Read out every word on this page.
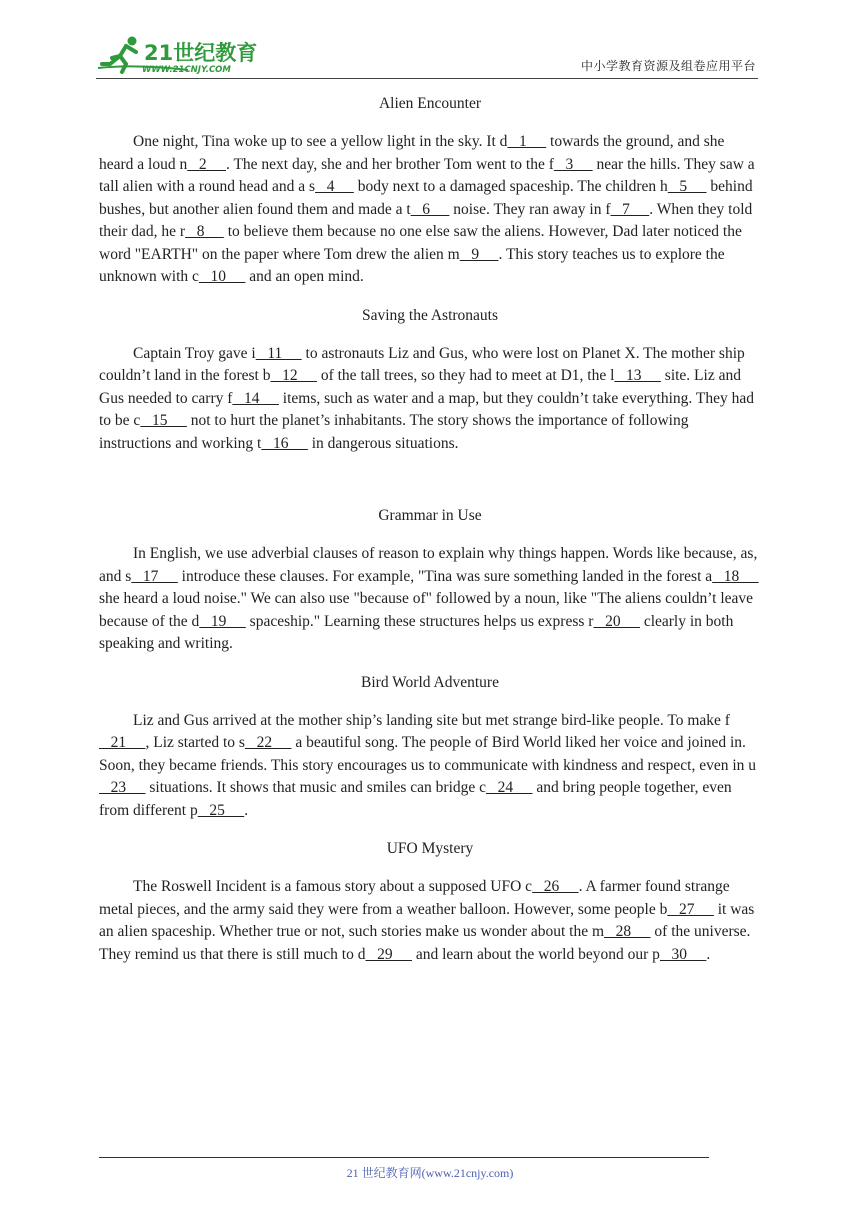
21世纪教育
WWW.21CNJY.COM	中小学教育资源及组卷应用平台
Alien Encounter

One night, Tina woke up to see a yellow light in the sky. It d   1      towards the ground, and she heard a loud n   2     . The next day, she and her brother Tom went to the f   3      near the hills. They saw a tall alien with a round head and a s   4      body next to a damaged spaceship. The children h   5      behind bushes, but another alien found them and made a t   6      noise. They ran away in f   7     . When they told their dad, he r   8      to believe them because no one else saw the aliens. However, Dad later noticed the word "EARTH" on the paper where Tom drew the alien m   9     . This story teaches us to explore the unknown with c   10      and an open mind.

Saving the Astronauts

Captain Troy gave i   11      to astronauts Liz and Gus, who were lost on Planet X. The mother ship couldn’t land in the forest b   12      of the tall trees, so they had to meet at D1, the l   13      site. Liz and Gus needed to carry f   14      items, such as water and a map, but they couldn’t take everything. They had to be c   15      not to hurt the planet’s inhabitants. The story shows the importance of following instructions and working t   16      in dangerous situations.

Grammar in Use

In English, we use adverbial clauses of reason to explain why things happen. Words like because, as, and s   17      introduce these clauses. For example, "Tina was sure something landed in the forest a   18      she heard a loud noise." We can also use "because of" followed by a noun, like "The aliens couldn’t leave because of the d   19      spaceship." Learning these structures helps us express r   20      clearly in both speaking and writing.

Bird World Adventure

Liz and Gus arrived at the mother ship’s landing site but met strange bird-like people. To make f   21     , Liz started to s   22      a beautiful song. The people of Bird World liked her voice and joined in. Soon, they became friends. This story encourages us to communicate with kindness and respect, even in u   23      situations. It shows that music and smiles can bridge c   24      and bring people together, even from different p   25     .

UFO Mystery

The Roswell Incident is a famous story about a supposed UFO c   26     . A farmer found strange metal pieces, and the army said they were from a weather balloon. However, some people b   27      it was an alien spaceship. Whether true or not, such stories make us wonder about the m   28      of the universe. They remind us that there is still much to d   29      and learn about the world beyond our p   30     .

21 世纪教育网(www.21cnjy.com)
